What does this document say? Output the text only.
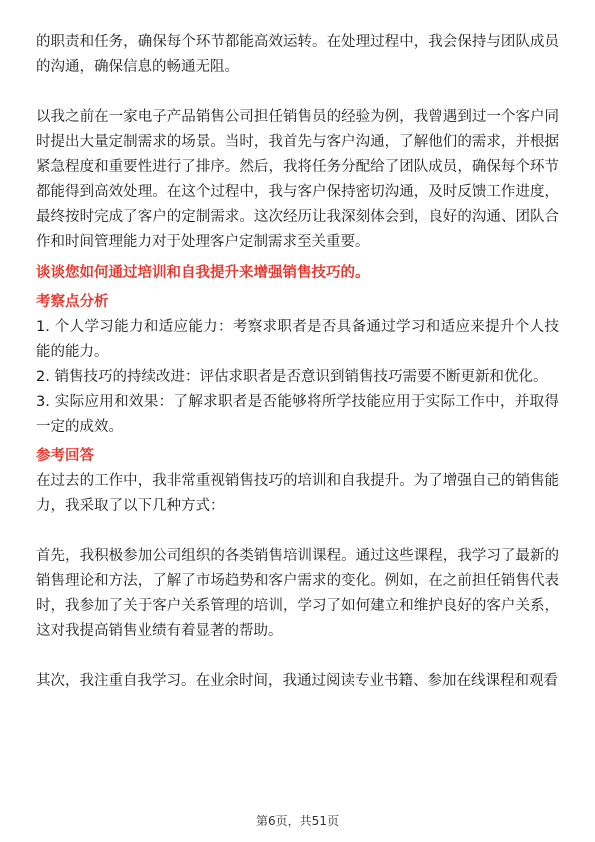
的职责和任务，确保每个环节都能高效运转。在处理过程中，我会保持与团队成员的沟通，确保信息的畅通无阻。

以我之前在一家电子产品销售公司担任销售员的经验为例，我曾遇到过一个客户同时提出大量定制需求的场景。当时，我首先与客户沟通，了解他们的需求，并根据紧急程度和重要性进行了排序。然后，我将任务分配给了团队成员，确保每个环节都能得到高效处理。在这个过程中，我与客户保持密切沟通，及时反馈工作进度，最终按时完成了客户的定制需求。这次经历让我深刻体会到，良好的沟通、团队合作和时间管理能力对于处理客户定制需求至关重要。

谈谈您如何通过培训和自我提升来增强销售技巧的。
考察点分析

1. 个人学习能力和适应能力：考察求职者是否具备通过学习和适应来提升个人技能的能力。

2. 销售技巧的持续改进：评估求职者是否意识到销售技巧需要不断更新和优化。

3. 实际应用和效果：了解求职者是否能够将所学技能应用于实际工作中，并取得一定的成效。

参考回答

在过去的工作中，我非常重视销售技巧的培训和自我提升。为了增强自己的销售能力，我采取了以下几种方式：

首先，我积极参加公司组织的各类销售培训课程。通过这些课程，我学习了最新的销售理论和方法，了解了市场趋势和客户需求的变化。例如，在之前担任销售代表时，我参加了关于客户关系管理的培训，学习了如何建立和维护良好的客户关系，这对我提高销售业绩有着显著的帮助。

其次，我注重自我学习。在业余时间，我通过阅读专业书籍、参加在线课程和观看

第6页，共51页
